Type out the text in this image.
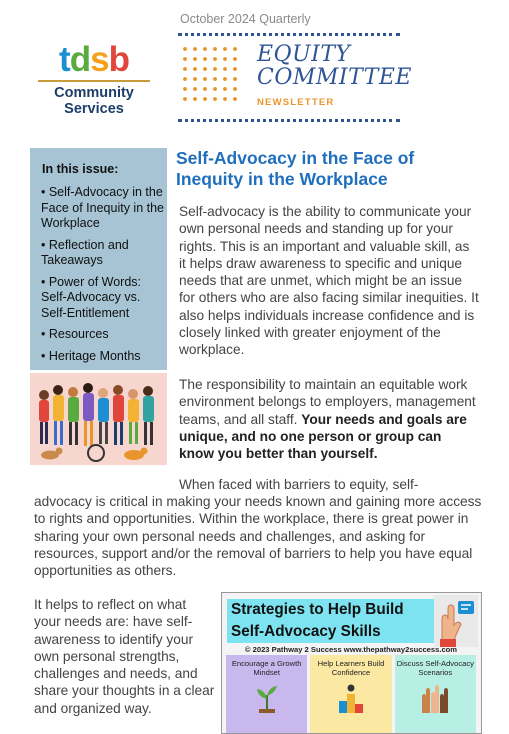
October 2024 Quarterly
tdsb
Community
Services
EQUITY
COMMITTEE
NEWSLETTER
In this issue:
• Self-Advocacy in the Face of Inequity in the Workplace
• Reflection and Takeaways
• Power of Words: Self-Advocacy vs. Self-Entitlement
• Resources
• Heritage Months
Self-Advocacy in the Face of Inequity in the Workplace
Self-advocacy is the ability to communicate your own personal needs and standing up for your rights. This is an important and valuable skill, as it helps draw awareness to specific and unique needs that are unmet, which might be an issue for others who are also facing similar inequities. It also helps individuals increase confidence and is closely linked with greater enjoyment of the workplace.
The responsibility to maintain an equitable work environment belongs to employers, management teams, and all staff. Your needs and goals are unique, and no one person or group can know you better than yourself.
When faced with barriers to equity, self-
advocacy is critical in making your needs known and gaining more access to rights and opportunities. Within the workplace, there is great power in sharing your own personal needs and challenges, and asking for resources, support and/or the removal of barriers to help you have equal opportunities as others.
It helps to reflect on what your needs are: have self-awareness to identify your own personal strengths, challenges and needs, and share your thoughts in a clear and organized way.
Strategies to Help Build
Self-Advocacy Skills
© 2023 Pathway 2 Success www.thepathway2success.com
Encourage a Growth Mindset
Help Learners Build Confidence
Discuss Self-Advocacy Scenarios
